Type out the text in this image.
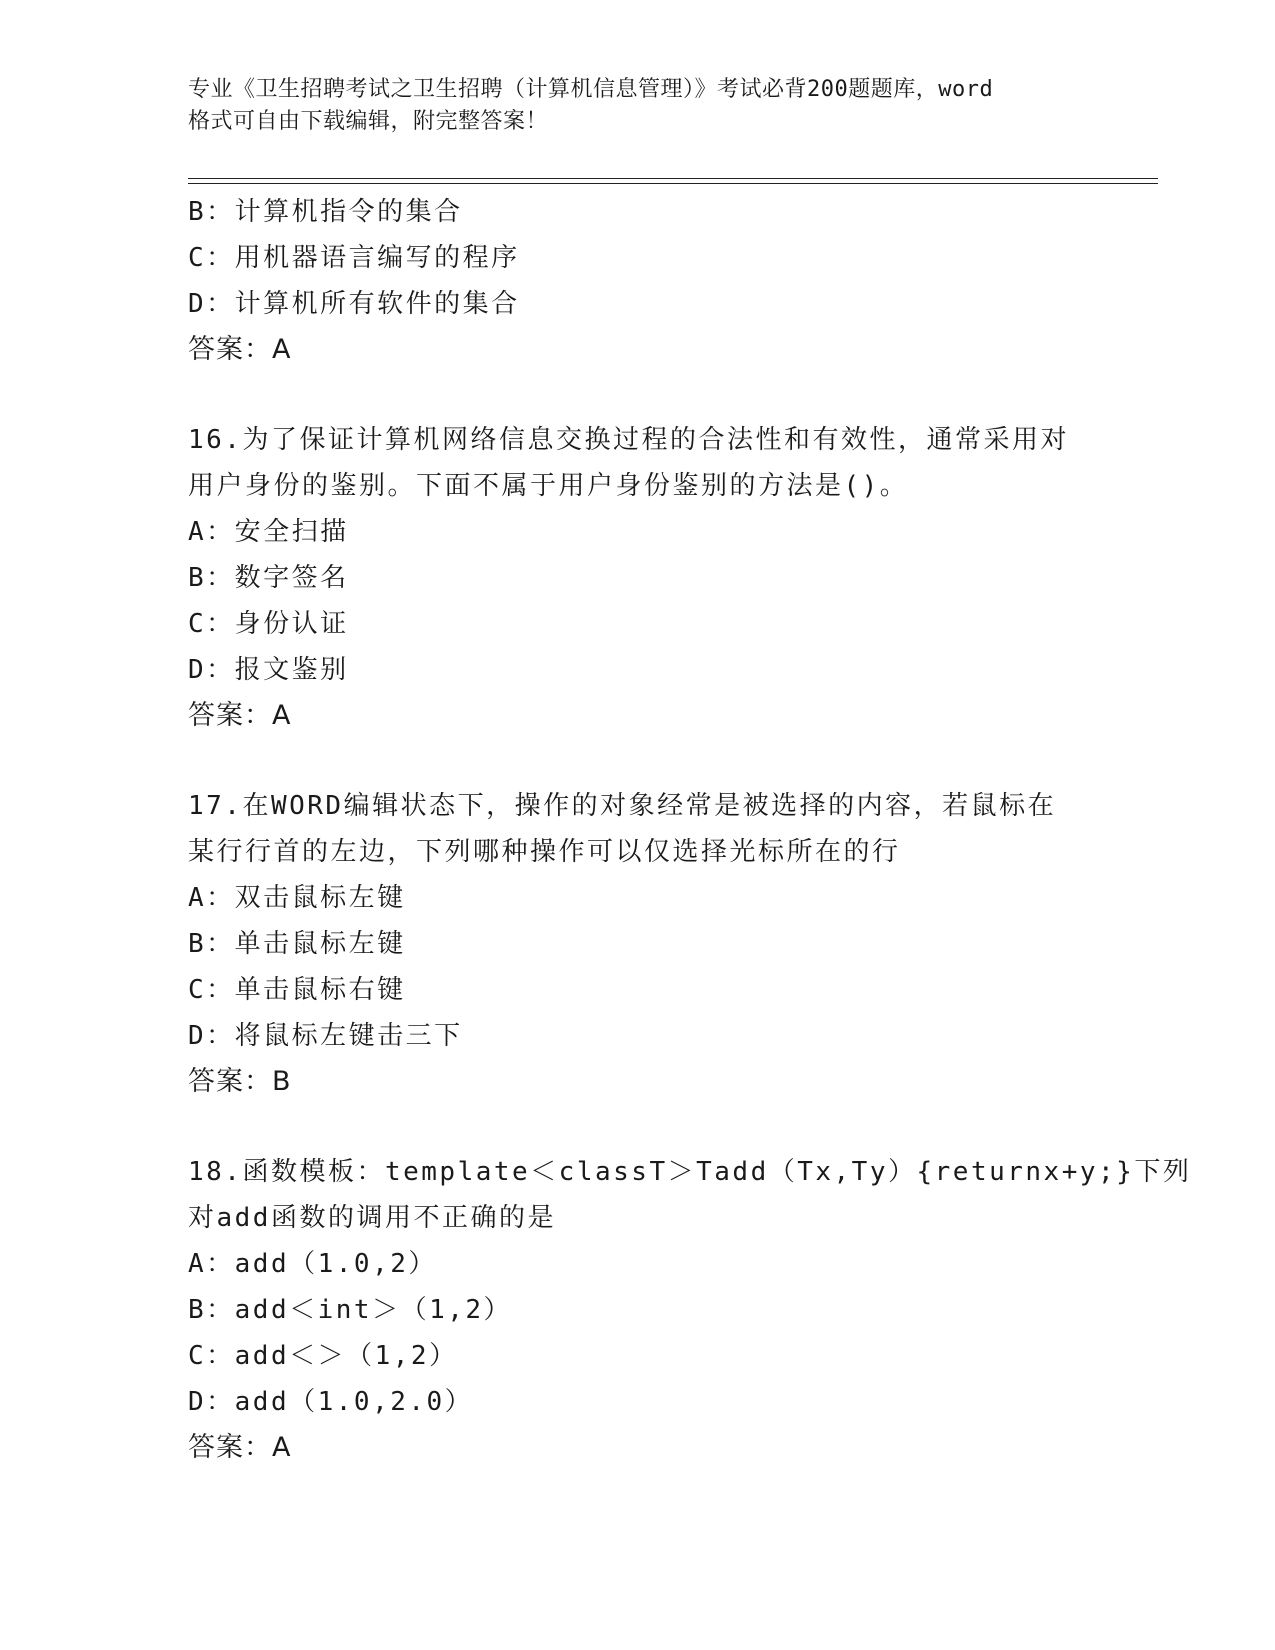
专业《卫生招聘考试之卫生招聘（计算机信息管理）》考试必背200题题库，word
格式可自由下载编辑，附完整答案！
B：计算机指令的集合
C：用机器语言编写的程序
D：计算机所有软件的集合
答案：A
16.为了保证计算机网络信息交换过程的合法性和有效性，通常采用对
用户身份的鉴别。下面不属于用户身份鉴别的方法是()。
A：安全扫描
B：数字签名
C：身份认证
D：报文鉴别
答案：A
17.在WORD编辑状态下，操作的对象经常是被选择的内容，若鼠标在
某行行首的左边，下列哪种操作可以仅选择光标所在的行
A：双击鼠标左键
B：单击鼠标左键
C：单击鼠标右键
D：将鼠标左键击三下
答案：B
18.函数模板：template＜classT＞Tadd（Tx,Ty）{returnx+y;}下列
对add函数的调用不正确的是
A：add（1.0,2）
B：add＜int＞（1,2）
C：add＜＞（1,2）
D：add（1.0,2.0）
答案：A
